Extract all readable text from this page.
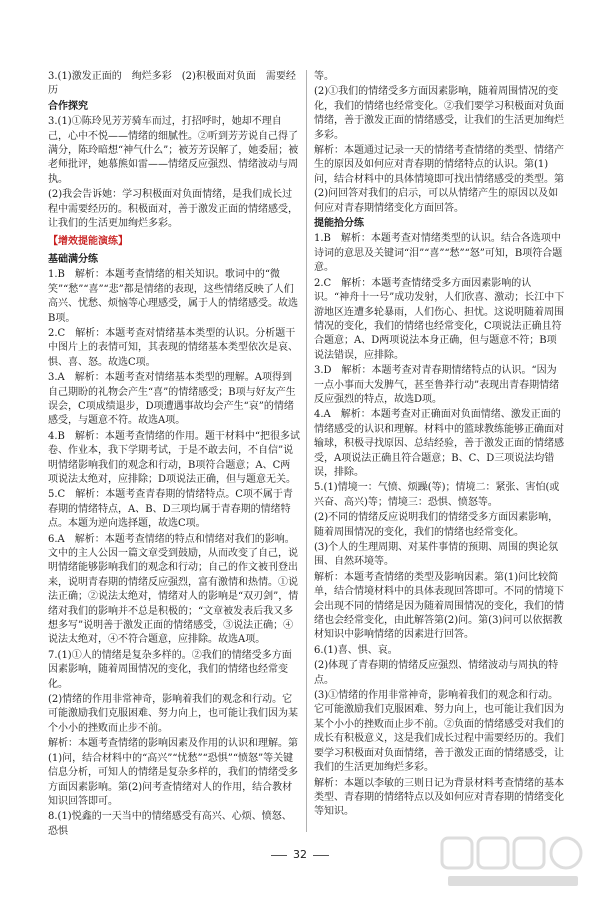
3.(1)激发正面的　绚烂多彩　(2)积极面对负面　需要经历

合作探究

3.(1)①陈玲见芳芳骑车而过，打招呼时，她却不理自己，心中不悦——情绪的细腻性。②听到芳芳说自己得了满分，陈玲暗想“神气什么”；被芳芳误解了，她委屈；被老师批评，她慕熊如雷——情绪反应强烈、情绪波动与周执。

(2)我会告诉她：学习积极面对负面情绪，是我们成长过程中需要经历的。积极面对，善于激发正面的情绪感受，让我们的生活更加绚烂多彩。

【增效提能演练】

基础满分练

1.B　解析：本题考查情绪的相关知识。歌词中的“微笑”“愁”“喜”“悲”都是情绪的表现，这些情绪反映了人们高兴、忧愁、烦恼等心理感受，属于人的情绪感受。故选B项。

2.C　解析：本题考查对情绪基本类型的认识。分析题干中图片上的表情可知，其表现的情绪基本类型依次是哀、惧、喜、怒。故选C项。

3.A　解析：本题考查对情绪基本类型的理解。A项得到自己期盼的礼物会产生“喜”的情绪感受；B项与好友产生误会，C项成绩退步，D项遭遇事故均会产生“哀”的情绪感受，与题意不符。故选A项。

4.B　解析：本题考查情绪的作用。题干材料中“把很多试卷、作业本，我下学期考试，于是不敢去问，不自信”说明情绪影响我们的观念和行动，B项符合题意；A、C两项说法太绝对，应排除；D项说法正确，但与题意无关。

5.C　解析：本题考查青春期的情绪特点。C项不属于青春期的情绪特点，A、B、D三项均属于青春期的情绪特点。本题为逆向选择题，故选C项。

6.A　解析：本题考查情绪的特点和情绪对我们的影响。文中的主人公因一篇文章受到鼓励，从而改变了自己，说明情绪能够影响我们的观念和行动；自己的作文被刊登出来，说明青春期的情绪反应强烈，富有激情和热情。①说法正确；②说法太绝对，情绪对人的影响是“双刃剑”，情绪对我们的影响并不总是积极的；“文章被发表后我又多想多写”说明善于激发正面的情绪感受，③说法正确；④说法太绝对，④不符合题意，应排除。故选A项。

7.(1)①人的情绪是复杂多样的。②我们的情绪受多方面因素影响，随着周围情况的变化，我们的情绪也经常变化。

(2)情绪的作用非常神奇，影响着我们的观念和行动。它可能激励我们克服困难、努力向上，也可能让我们因为某个小小的挫败而止步不前。

解析：本题考查情绪的影响因素及作用的认识和理解。第(1)问，结合材料中的“高兴”“忧愁”“恐惧”“愤怒”等关键信息分析，可知人的情绪是复杂多样的，我们的情绪受多方面因素影响。第(2)问考查情绪对人的作用，结合教材知识回答即可。

8.(1)悦鑫的一天当中的情绪感受有高兴、心烦、愤怒、恐惧

等。

(2)①我们的情绪受多方面因素影响，随着周围情况的变化，我们的情绪也经常变化。②我们要学习积极面对负面情绪，善于激发正面的情绪感受，让我们的生活更加绚烂多彩。

解析：本题通过记录一天的情绪考查情绪的类型、情绪产生的原因及如何应对青春期的情绪特点的认识。第(1)问，结合材料中的具体情境即可找出情绪感受的类型。第(2)问回答对我们的启示，可以从情绪产生的原因以及如何应对青春期情绪变化方面回答。

提能拾分练

1.B　解析：本题考查对情绪类型的认识。结合各选项中诗词的意思及关键词“泪”“喜”“愁”“怒”可知，B项符合题意。

2.C　解析：本题考查情绪受多方面因素影响的认识。“神舟十一号”成功发射，人们欣喜、激动；长江中下游地区连遭多轮暴雨，人们伤心、担忧。这说明随着周围情况的变化，我们的情绪也经常变化，C项说法正确且符合题意；A、D两项说法本身正确，但与题意不符；B项说法错误，应排除。

3.D　解析：本题考查对青春期情绪特点的认识。“因为一点小事而大发脾气，甚至鲁莽行动”表现出青春期情绪反应强烈的特点，故选D项。

4.A　解析：本题考查对正确面对负面情绪、激发正面的情绪感受的认识和理解。材料中的篮球教练能够正确面对输球，积极寻找原因、总结经验，善于激发正面的情绪感受，A项说法正确且符合题意；B、C、D三项说法均错误，排除。

5.(1)情境一：气愤、烦躁(等)；情境二：紧张、害怕(或兴奋、高兴)等；情境三：恐惧、愤怒等。

(2)不同的情绪反应说明我们的情绪受多方面因素影响，随着周围情况的变化，我们的情绪也经常变化。

(3)个人的生理周期、对某件事情的预期、周围的舆论氛围、自然环境等。

解析：本题考查情绪的类型及影响因素。第(1)问比较简单，结合情境材料中的具体表现回答即可。不同的情境下会出现不同的情绪是因为随着周围情况的变化，我们的情绪也会经常变化，由此解答第(2)问。第(3)问可以依据教材知识中影响情绪的因素进行回答。

6.(1)喜、惧、哀。

(2)体现了青春期的情绪反应强烈、情绪波动与周执的特点。

(3)①情绪的作用非常神奇，影响着我们的观念和行动。它可能激励我们克服困难、努力向上，也可能让我们因为某个小小的挫败而止步不前。②负面的情绪感受对我们的成长有积极意义，这是我们成长过程中需要经历的。我们要学习积极面对负面情绪，善于激发正面的情绪感受，让我们的生活更加绚烂多彩。

解析：本题以李敏的三则日记为背景材料考查情绪的基本类型、青春期的情绪特点以及如何应对青春期的情绪变化等知识。

32
